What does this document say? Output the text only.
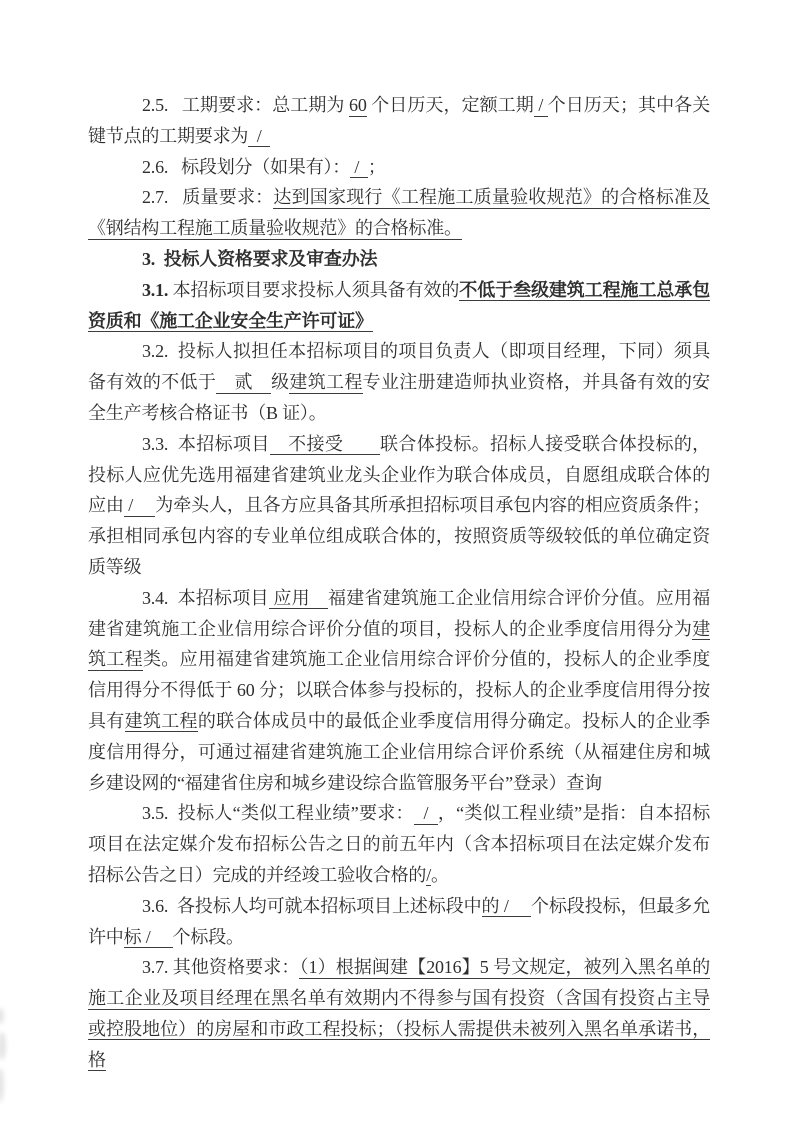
2.5.   工期要求：总工期为 60 个日历天，定额工期 / 个日历天；其中各关键节点的工期要求为  /

2.6.   标段划分（如果有）： /  ；

2.7.   质量要求：达到国家现行《工程施工质量验收规范》的合格标准及《钢结构工程施工质量验收规范》的合格标准。

3.  投标人资格要求及审查办法

3.1. 本招标项目要求投标人须具备有效的不低于叁级建筑工程施工总承包资质和《施工企业安全生产许可证》

3.2.  投标人拟担任本招标项目的项目负责人（即项目经理，下同）须具备有效的不低于　贰　级建筑工程专业注册建造师执业资格，并具备有效的安全生产考核合格证书（B 证）。

3.3.  本招标项目　不接受　　联合体投标。招标人接受联合体投标的，投标人应优先选用福建省建筑业龙头企业作为联合体成员，自愿组成联合体的应由 / 　为牵头人，且各方应具备其所承担招标项目承包内容的相应资质条件；承担相同承包内容的专业单位组成联合体的，按照资质等级较低的单位确定资质等级

3.4.  本招标项目 应用　福建省建筑施工企业信用综合评价分值。应用福建省建筑施工企业信用综合评价分值的项目，投标人的企业季度信用得分为建筑工程类。应用福建省建筑施工企业信用综合评价分值的，投标人的企业季度信用得分不得低于 60 分；以联合体参与投标的，投标人的企业季度信用得分按具有建筑工程的联合体成员中的最低企业季度信用得分确定。投标人的企业季度信用得分，可通过福建省建筑施工企业信用综合评价系统（从福建住房和城乡建设网的“福建省住房和城乡建设综合监管服务平台”登录）查询

3.5.  投标人“类似工程业绩”要求：  /  ，“类似工程业绩”是指：自本招标项目在法定媒介发布招标公告之日的前五年内（含本招标项目在法定媒介发布招标公告之日）完成的并经竣工验收合格的/。

3.6.  各投标人均可就本招标项目上述标段中的 / 　个标段投标，但最多允许中标 / 　个标段。

3.7. 其他资格要求：（1）根据闽建【2016】5 号文规定，被列入黑名单的施工企业及项目经理在黑名单有效期内不得参与国有投资（含国有投资占主导或控股地位）的房屋和市政工程投标；（投标人需提供未被列入黑名单承诺书，格
